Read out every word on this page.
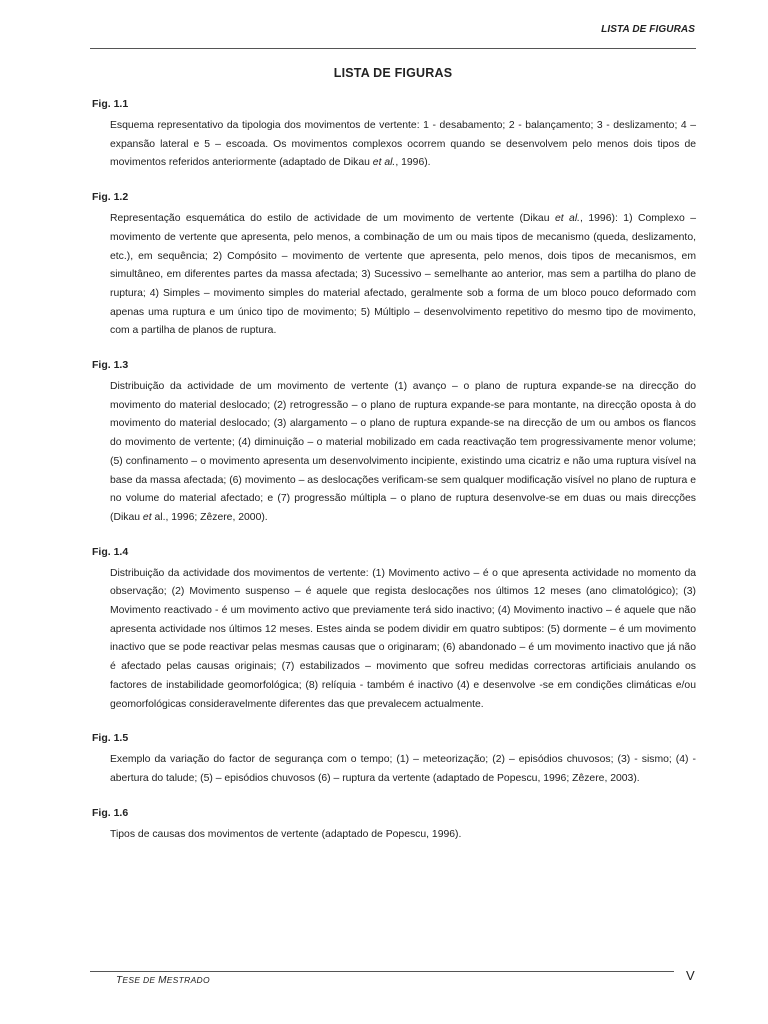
LISTA DE FIGURAS
LISTA DE FIGURAS
Fig. 1.1
Esquema representativo da tipologia dos movimentos de vertente: 1 - desabamento; 2 - balançamento; 3 - deslizamento; 4 – expansão lateral e 5 – escoada. Os movimentos complexos ocorrem quando se desenvolvem pelo menos dois tipos de movimentos referidos anteriormente (adaptado de Dikau et al., 1996).
Fig. 1.2
Representação esquemática do estilo de actividade de um movimento de vertente (Dikau et al., 1996): 1) Complexo – movimento de vertente que apresenta, pelo menos, a combinação de um ou mais tipos de mecanismo (queda, deslizamento, etc.), em sequência; 2) Compósito – movimento de vertente que apresenta, pelo menos, dois tipos de mecanismos, em simultâneo, em diferentes partes da massa afectada; 3) Sucessivo – semelhante ao anterior, mas sem a partilha do plano de ruptura; 4) Simples – movimento simples do material afectado, geralmente sob a forma de um bloco pouco deformado com apenas uma ruptura e um único tipo de movimento; 5) Múltiplo – desenvolvimento repetitivo do mesmo tipo de movimento, com a partilha de planos de ruptura.
Fig. 1.3
Distribuição da actividade de um movimento de vertente (1) avanço – o plano de ruptura expande-se na direcção do movimento do material deslocado; (2) retrogressão – o plano de ruptura expande-se para montante, na direcção oposta à do movimento do material deslocado; (3) alargamento – o plano de ruptura expande-se na direcção de um ou ambos os flancos do movimento de vertente; (4) diminuição – o material mobilizado em cada reactivação tem progressivamente menor volume; (5) confinamento – o movimento apresenta um desenvolvimento incipiente, existindo uma cicatriz e não uma ruptura visível na base da massa afectada; (6) movimento – as deslocações verificam-se sem qualquer modificação visível no plano de ruptura e no volume do material afectado; e (7) progressão múltipla – o plano de ruptura desenvolve-se em duas ou mais direcções (Dikau et al., 1996; Zêzere, 2000).
Fig. 1.4
Distribuição da actividade dos movimentos de vertente: (1) Movimento activo – é o que apresenta actividade no momento da observação; (2) Movimento suspenso – é aquele que regista deslocações nos últimos 12 meses (ano climatológico); (3) Movimento reactivado - é um movimento activo que previamente terá sido inactivo; (4) Movimento inactivo – é aquele que não apresenta actividade nos últimos 12 meses. Estes ainda se podem dividir em quatro subtipos: (5) dormente – é um movimento inactivo que se pode reactivar pelas mesmas causas que o originaram; (6) abandonado – é um movimento inactivo que já não é afectado pelas causas originais; (7) estabilizados – movimento que sofreu medidas correctoras artificiais anulando os factores de instabilidade geomorfológica; (8) relíquia - também é inactivo (4) e desenvolve -se em condições climáticas e/ou geomorfológicas consideravelmente diferentes das que prevalecem actualmente.
Fig. 1.5
Exemplo da variação do factor de segurança com o tempo; (1) – meteorização; (2) – episódios chuvosos; (3) - sismo; (4) - abertura do talude; (5) – episódios chuvosos (6) – ruptura da vertente (adaptado de Popescu, 1996; Zêzere, 2003).
Fig. 1.6
Tipos de causas dos movimentos de vertente (adaptado de Popescu, 1996).
TESE DE MESTRADO	V
